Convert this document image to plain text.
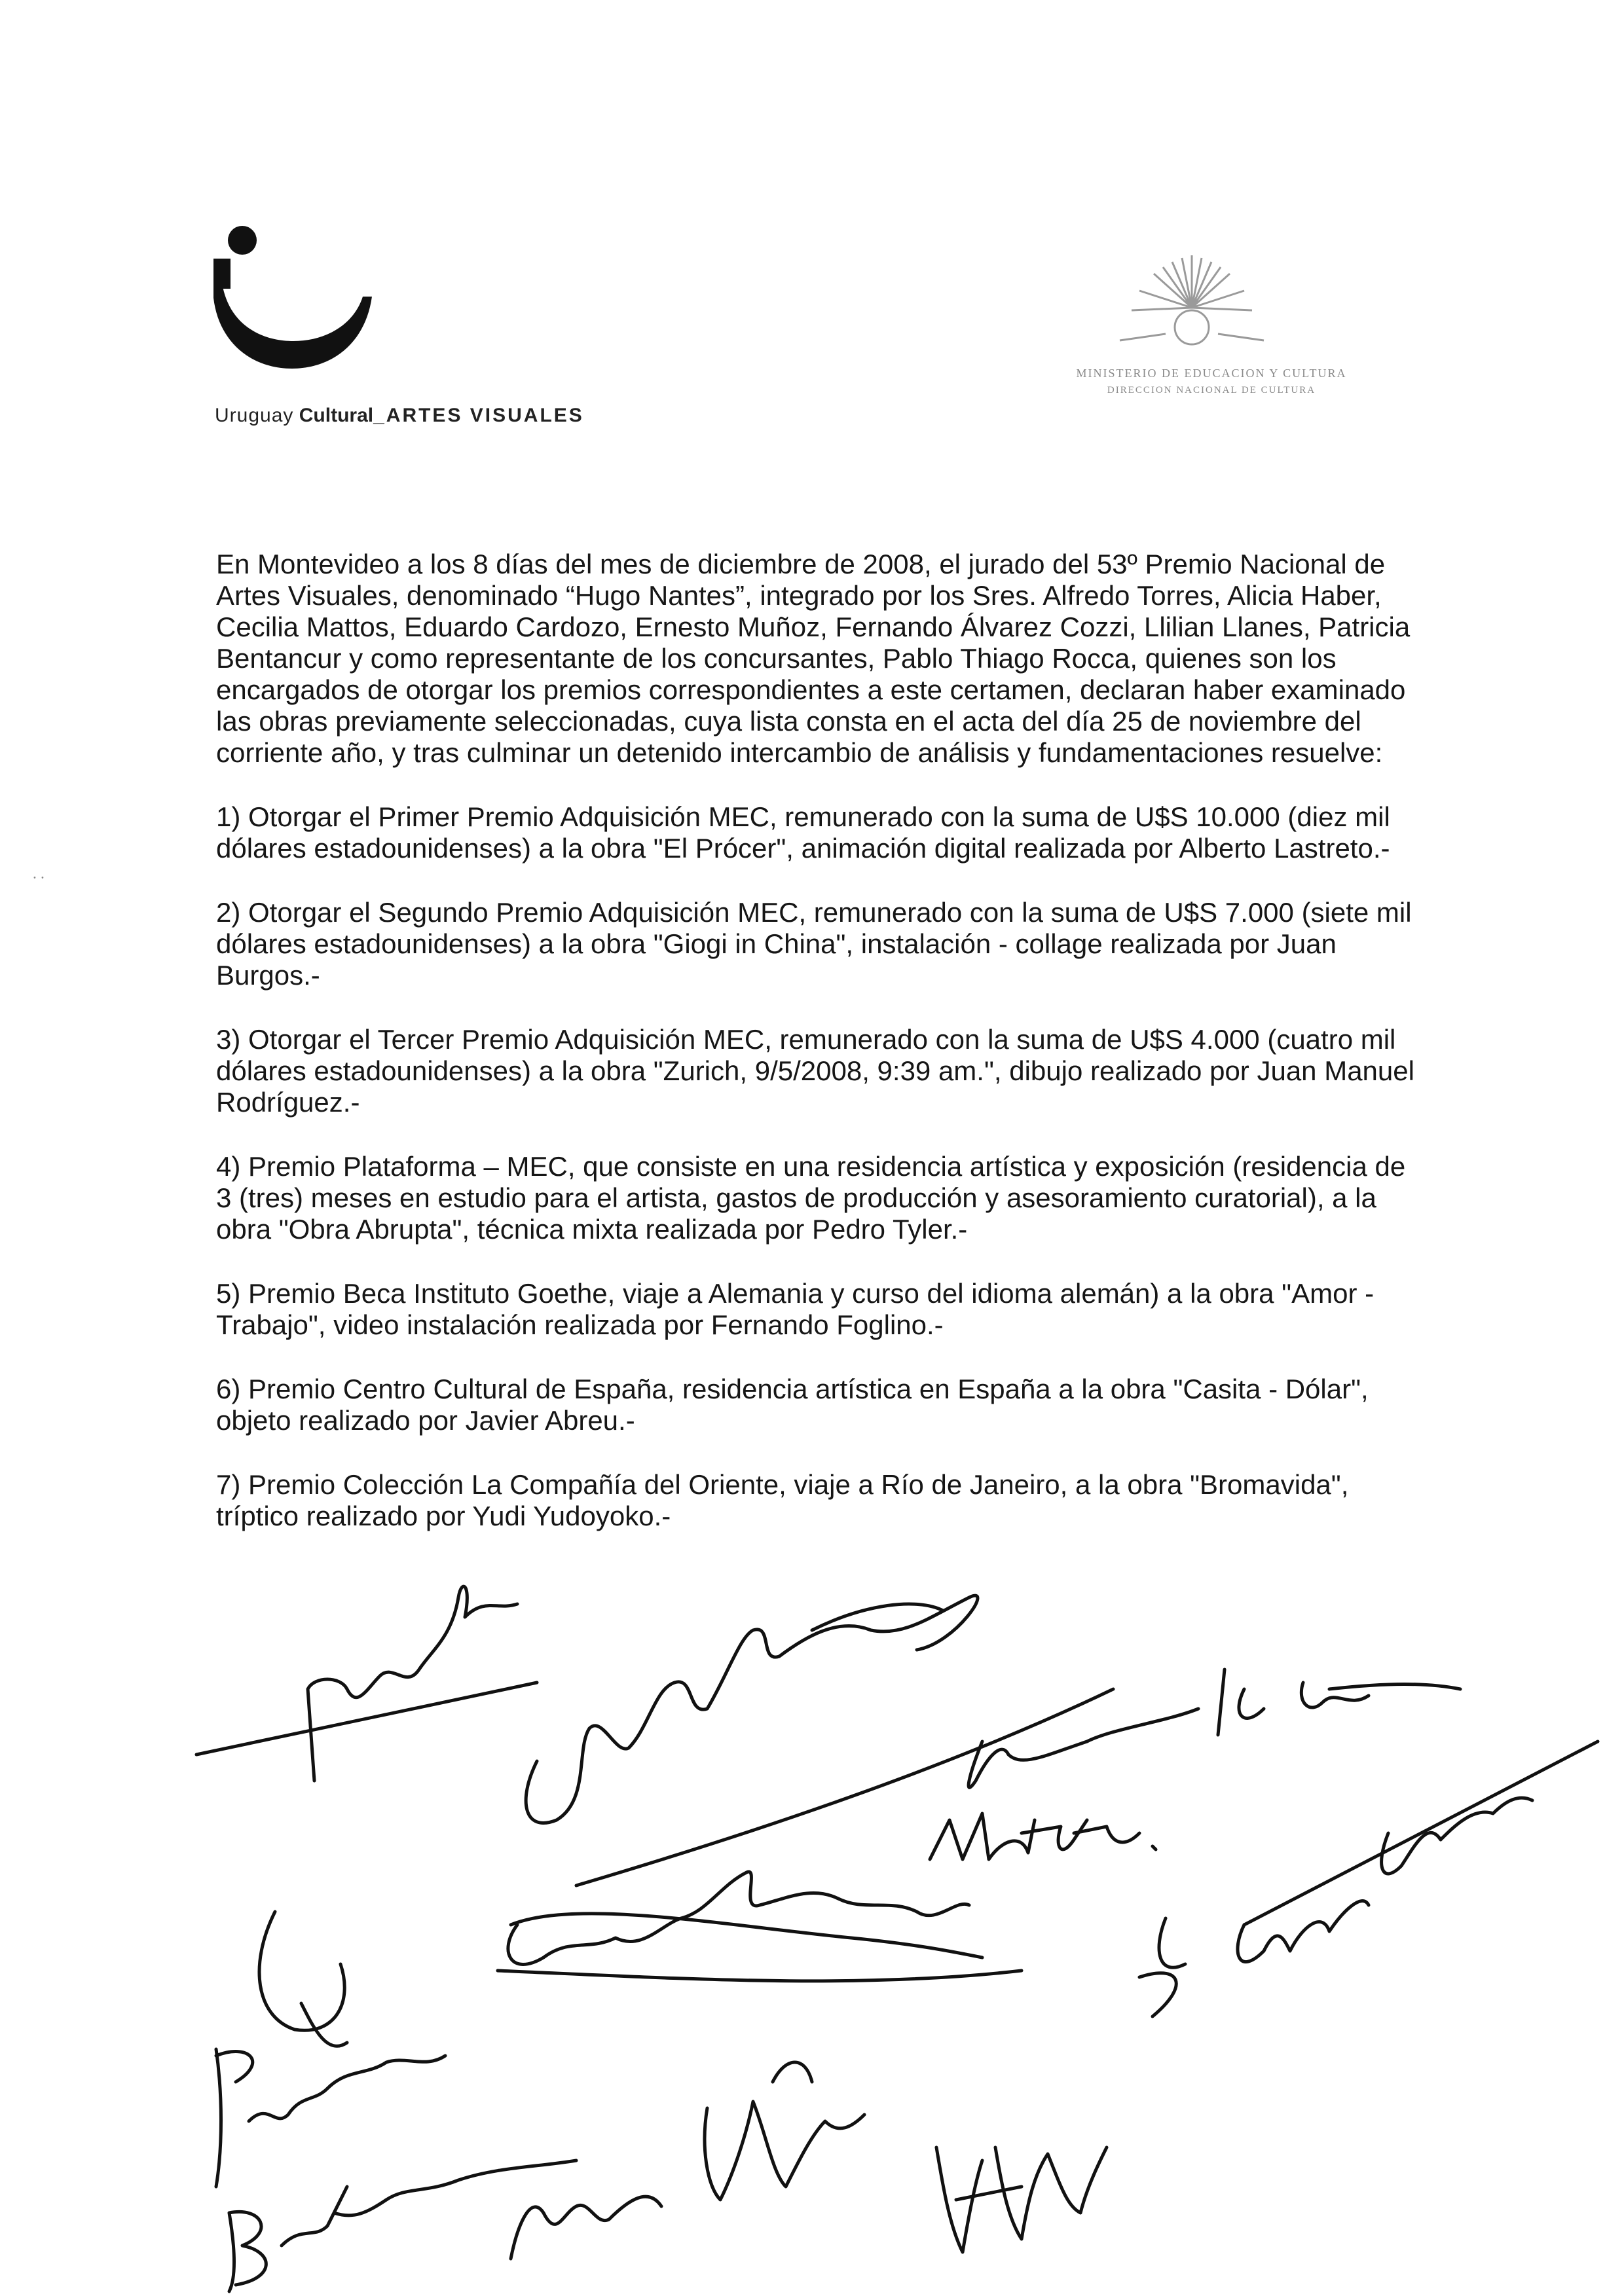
Uruguay Cultural_ARTES VISUALES
MINISTERIO DE EDUCACION Y CULTURA
DIRECCION NACIONAL DE CULTURA
⸱ ⸱

En Montevideo a los 8 días del mes de diciembre de 2008, el jurado del 53º Premio Nacional de Artes Visuales, denominado “Hugo Nantes”, integrado por los Sres. Alfredo Torres, Alicia Haber, Cecilia Mattos, Eduardo Cardozo, Ernesto Muñoz, Fernando Álvarez Cozzi, Llilian Llanes, Patricia Bentancur y como representante de los concursantes, Pablo Thiago Rocca, quienes son los encargados de otorgar los premios correspondientes a este certamen, declaran haber examinado las obras previamente seleccionadas, cuya lista consta en el acta del día 25 de noviembre del corriente año, y tras culminar un detenido intercambio de análisis y fundamentaciones resuelve:

1) Otorgar el Primer Premio Adquisición MEC, remunerado con la suma de U$S 10.000 (diez mil dólares estadounidenses) a la obra "El Prócer", animación digital realizada por Alberto Lastreto.-

2) Otorgar el Segundo Premio Adquisición MEC, remunerado con la suma de U$S 7.000 (siete mil dólares estadounidenses) a la obra "Giogi in China", instalación - collage realizada por Juan Burgos.-

3) Otorgar el Tercer Premio Adquisición MEC, remunerado con la suma de U$S 4.000 (cuatro mil dólares estadounidenses) a la obra "Zurich, 9/5/2008, 9:39 am.", dibujo realizado por Juan Manuel Rodríguez.-

4) Premio Plataforma – MEC, que consiste en una residencia artística y exposición (residencia de 3 (tres) meses en estudio para el artista, gastos de producción y asesoramiento curatorial), a la obra "Obra Abrupta", técnica mixta realizada por Pedro Tyler.-

5) Premio Beca Instituto Goethe, viaje a Alemania y curso del idioma alemán) a la obra "Amor - Trabajo", video instalación realizada por Fernando Foglino.-

6) Premio Centro Cultural de España, residencia artística en España a la obra "Casita - Dólar", objeto realizado por Javier Abreu.-

7) Premio Colección La Compañía del Oriente, viaje a Río de Janeiro, a la obra "Bromavida", tríptico realizado por Yudi Yudoyoko.-
